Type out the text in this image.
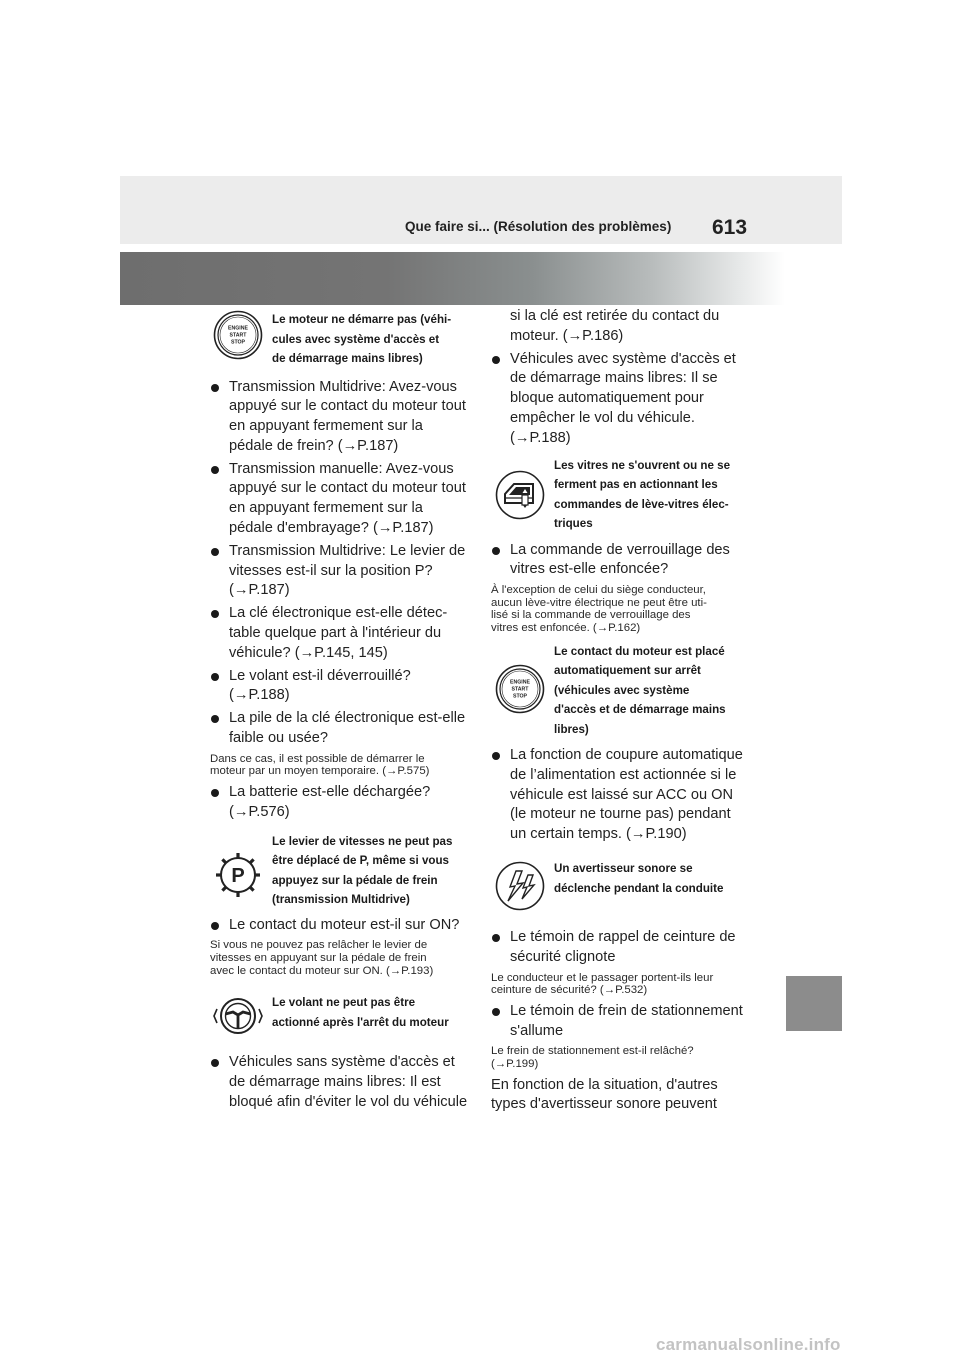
Que faire si... (Résolution des problèmes) 613
ENGINE
START
STOP
Le moteur ne démarre pas (véhi-
cules avec système d'accès et
de démarrage mains libres)
Transmission Multidrive: Avez-vous
appuyé sur le contact du moteur tout
en appuyant fermement sur la
pédale de frein? (→P.187)
Transmission manuelle: Avez-vous
appuyé sur le contact du moteur tout
en appuyant fermement sur la
pédale d'embrayage? (→P.187)
Transmission Multidrive: Le levier de
vitesses est-il sur la position P?
(→P.187)
La clé électronique est-elle détec-
table quelque part à l'intérieur du
véhicule? (→P.145, 145)
Le volant est-il déverrouillé?
(→P.188)
La pile de la clé électronique est-elle
faible ou usée?
Dans ce cas, il est possible de démarrer le
moteur par un moyen temporaire. (→P.575)
La batterie est-elle déchargée?
(→P.576)
P
Le levier de vitesses ne peut pas
être déplacé de P, même si vous
appuyez sur la pédale de frein
(transmission Multidrive)
Le contact du moteur est-il sur ON?
Si vous ne pouvez pas relâcher le levier de
vitesses en appuyant sur la pédale de frein
avec le contact du moteur sur ON. (→P.193)
Le volant ne peut pas être
actionné après l'arrêt du moteur
Véhicules sans système d'accès et
de démarrage mains libres: Il est
bloqué afin d'éviter le vol du véhicule
si la clé est retirée du contact du
moteur. (→P.186)
Véhicules avec système d'accès et
de démarrage mains libres: Il se
bloque automatiquement pour
empêcher le vol du véhicule.
(→P.188)
Les vitres ne s'ouvrent ou ne se
ferment pas en actionnant les
commandes de lève-vitres élec-
triques
La commande de verrouillage des
vitres est-elle enfoncée?
À l'exception de celui du siège conducteur,
aucun lève-vitre électrique ne peut être uti-
lisé si la commande de verrouillage des
vitres est enfoncée. (→P.162)
ENGINE
START
STOP
Le contact du moteur est placé
automatiquement sur arrêt
(véhicules avec système
d'accès et de démarrage mains
libres)
La fonction de coupure automatique
de l’alimentation est actionnée si le
véhicule est laissé sur ACC ou ON
(le moteur ne tourne pas) pendant
un certain temps. (→P.190)
Un avertisseur sonore se
déclenche pendant la conduite
Le témoin de rappel de ceinture de
sécurité clignote
Le conducteur et le passager portent-ils leur
ceinture de sécurité? (→P.532)
Le témoin de frein de stationnement
s'allume
Le frein de stationnement est-il relâché?
(→P.199)
En fonction de la situation, d'autres
types d'avertisseur sonore peuvent
carmanualsonline.info
